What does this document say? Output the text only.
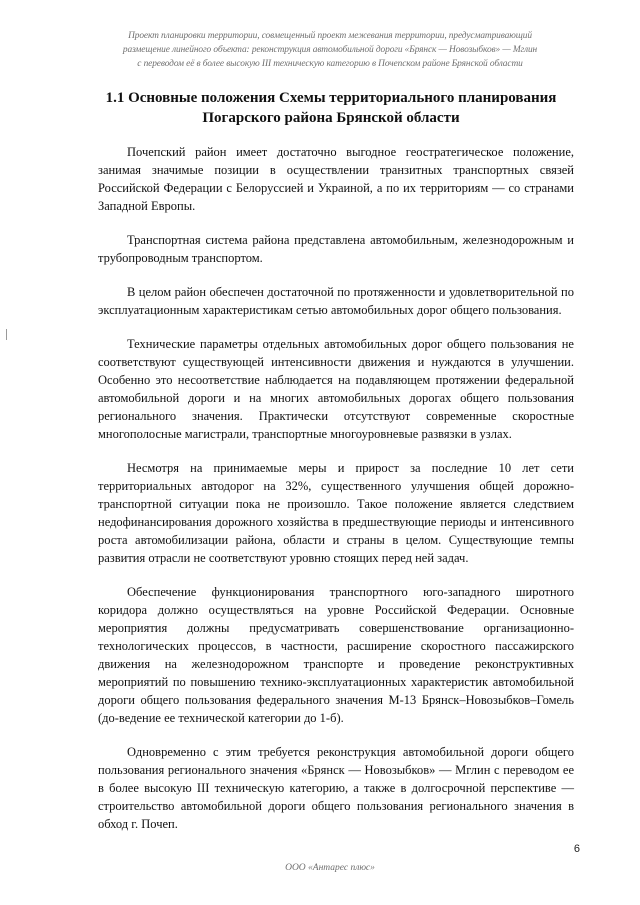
Проект планировки территории, совмещенный проект межевания территории, предусматривающий
размещение линейного объекта: реконструкция автомобильной дороги «Брянск — Новозыбков» — Мглин
с переводом её в более высокую III техническую категорию в Почепском районе Брянской области
1.1 Основные положения Схемы территориального планирования
Погарского района Брянской области

Почепский район имеет достаточно выгодное геостратегическое положение, занимая значимые позиции в осуществлении транзитных транспортных связей Российской Федерации с Белоруссией и Украиной, а по их территориям — со странами Западной Европы.

Транспортная система района представлена автомобильным, железнодорожным и трубопроводным транспортом.

В целом район обеспечен достаточной по протяженности и удовлетворительной по эксплуатационным характеристикам сетью автомобильных дорог общего пользования.

Технические параметры отдельных автомобильных дорог общего пользования не соответствуют существующей интенсивности движения и нуждаются в улучшении. Особенно это несоответствие наблюдается на подавляющем протяжении федеральной автомобильной дороги и на многих автомобильных дорогах общего пользования регионального значения. Практически отсутствуют современные скоростные многополосные магистрали, транспортные многоуровневые развязки в узлах.

Несмотря на принимаемые меры и прирост за последние 10 лет сети территориальных автодорог на 32%, существенного улучшения общей дорожно-транспортной ситуации пока не произошло. Такое положение является следствием недофинансирования дорожного хозяйства в предшествующие периоды и интенсивного роста автомобилизации района, области и страны в целом. Существующие темпы развития отрасли не соответствуют уровню стоящих перед ней задач.

Обеспечение функционирования транспортного юго-западного широтного коридора должно осуществляться на уровне Российской Федерации. Основные мероприятия должны предусматривать совершенствование организационно-технологических процессов, в частности, расширение скоростного пассажирского движения на железнодорожном транспорте и проведение реконструктивных мероприятий по повышению технико-эксплуатационных характеристик автомобильной дороги общего пользования федерального значения М-13 Брянск–Новозыбков–Гомель (до-ведение ее технической категории до 1-б).

Одновременно с этим требуется реконструкция автомобильной дороги общего пользования регионального значения «Брянск — Новозыбков» — Мглин с переводом ее в более высокую III техническую категорию, а также в долгосрочной перспективе — строительство автомобильной дороги общего пользования регионального значения в обход г. Почеп.

6
ООО «Антарес плюс»
